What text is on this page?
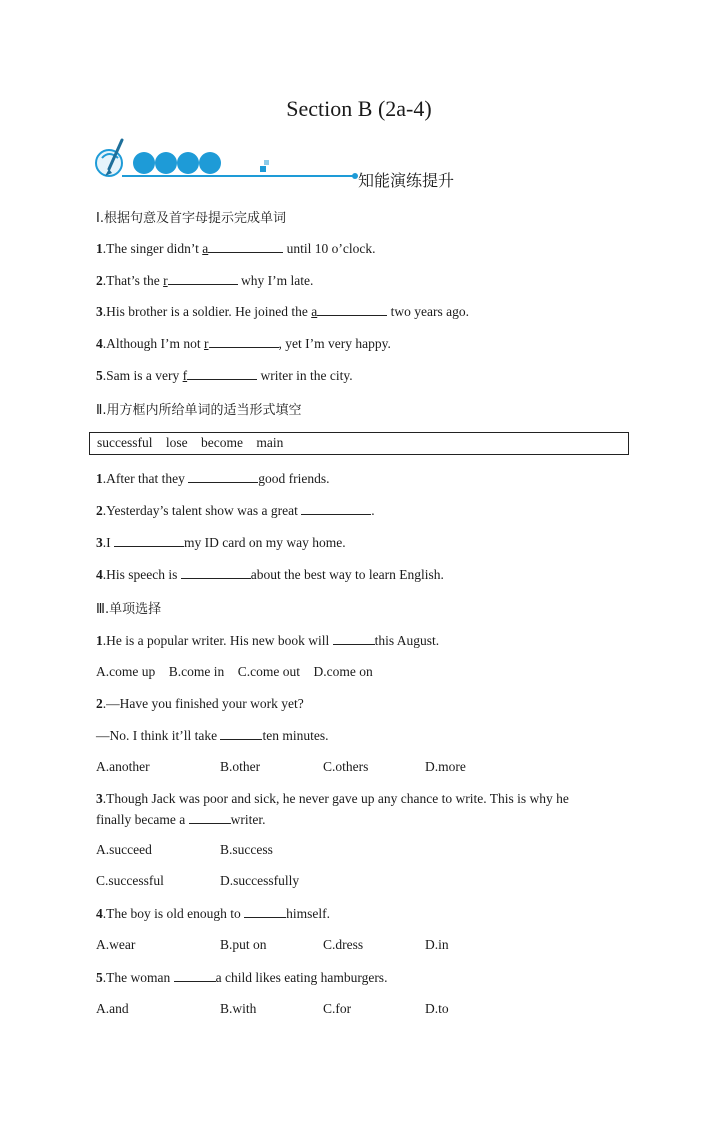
Section B (2a-4)
知能演练提升
Ⅰ.根据句意及首字母提示完成单词
1.The singer didn’t a	until 10 o’clock.
2.That’s the r	why I’m late.
3.His brother is a soldier. He joined the a	two years ago.
4.Although I’m not r	, yet I’m very happy.
5.Sam is a very f	writer in the city.
Ⅱ.用方框内所给单词的适当形式填空
successful lose become main
1.After that they	good friends.
2.Yesterday’s talent show was a great	.
3.I	my ID card on my way home.
4.His speech is	about the best way to learn English.
Ⅲ.单项选择
1.He is a popular writer. His new book will	this August.
A.come up B.come in C.come out D.come on
2.—Have you finished your work yet?
—No. I think it’ll take	ten minutes.
A.another	B.other	C.others	D.more
3.Though Jack was poor and sick, he never gave up any chance to write. This is why he
finally became a	writer.
A.succeed	B.success
C.successful	D.successfully
4.The boy is old enough to	himself.
A.wear	B.put on	C.dress	D.in
5.The woman	a child likes eating hamburgers.
A.and	B.with	C.for	D.to
